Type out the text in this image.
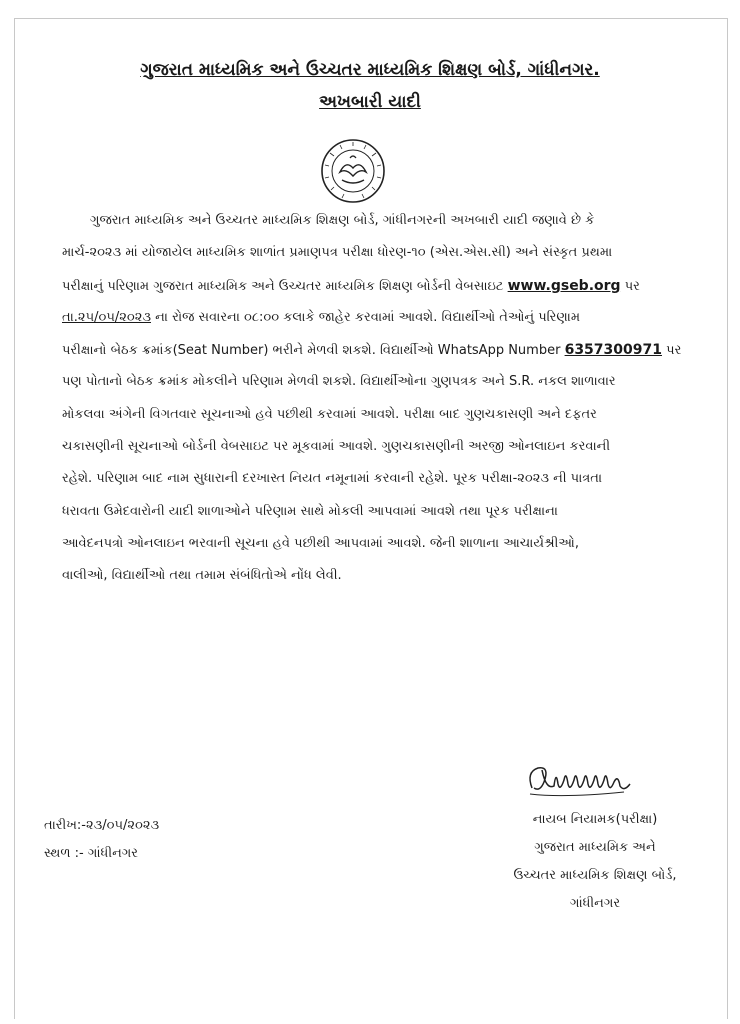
ગુજરાત માધ્યમિક અને ઉચ્ચતર માધ્યમિક શિક્ષણ બોર્ડ, ગાંધીનગર.
અખબારી યાદી
ગુજરાત માધ્યમિક અને ઉચ્ચતર માધ્યમિક શિક્ષણ બોર્ડ, ગાંધીનગરની અખબારી યાદી જણાવે છે કે
માર્ચ-૨૦૨૩ માં યોજાયેલ માધ્યમિક શાળાંત પ્રમાણપત્ર પરીક્ષા ધોરણ-૧૦ (એસ.એસ.સી) અને સંસ્કૃત પ્રથમા
પરીક્ષાનું પરિણામ ગુજરાત માધ્યમિક અને ઉચ્ચતર માધ્યમિક શિક્ષણ બોર્ડની વેબસાઇટ www.gseb.org પર
તા.૨૫/૦૫/૨૦૨૩ ના રોજ સવારના ૦૮:૦૦ કલાકે જાહેર કરવામાં આવશે. વિદ્યાર્થીઓ તેઓનું પરિણામ
પરીક્ષાનો બેઠક ક્રમાંક(Seat Number) ભરીને મેળવી શકશે. વિદ્યાર્થીઓ WhatsApp Number 6357300971 પર
પણ પોતાનો બેઠક ક્રમાંક મોકલીને પરિણામ મેળવી શકશે. વિદ્યાર્થીઓના ગુણપત્રક અને S.R. નકલ શાળાવાર
મોકલવા અંગેની વિગતવાર સૂચનાઓ હવે પછીથી કરવામાં આવશે. પરીક્ષા બાદ ગુણચકાસણી અને દફતર
ચકાસણીની સૂચનાઓ બોર્ડની વેબસાઇટ પર મૂકવામાં આવશે. ગુણચકાસણીની અરજી ઓનલાઇન કરવાની
રહેશે. પરિણામ બાદ નામ સુધારાની દરખાસ્ત નિયત નમૂનામાં કરવાની રહેશે. પૂરક પરીક્ષા-૨૦૨૩ ની પાત્રતા
ધરાવતા ઉમેદવારોની યાદી શાળાઓને પરિણામ સાથે મોકલી આપવામાં આવશે તથા પૂરક પરીક્ષાના
આવેદનપત્રો ઓનલાઇન ભરવાની સૂચના હવે પછીથી આપવામાં આવશે. જેની શાળાના આચાર્યશ્રીઓ,
વાલીઓ, વિદ્યાર્થીઓ તથા તમામ સંબંધિતોએ નોંધ લેવી.
તારીખ:-૨૩/૦૫/૨૦૨૩
સ્થળ :- ગાંધીનગર
નાયબ નિયામક(પરીક્ષા)
ગુજરાત માધ્યમિક અને
ઉચ્ચતર માધ્યમિક શિક્ષણ બોર્ડ,
ગાંધીનગર
